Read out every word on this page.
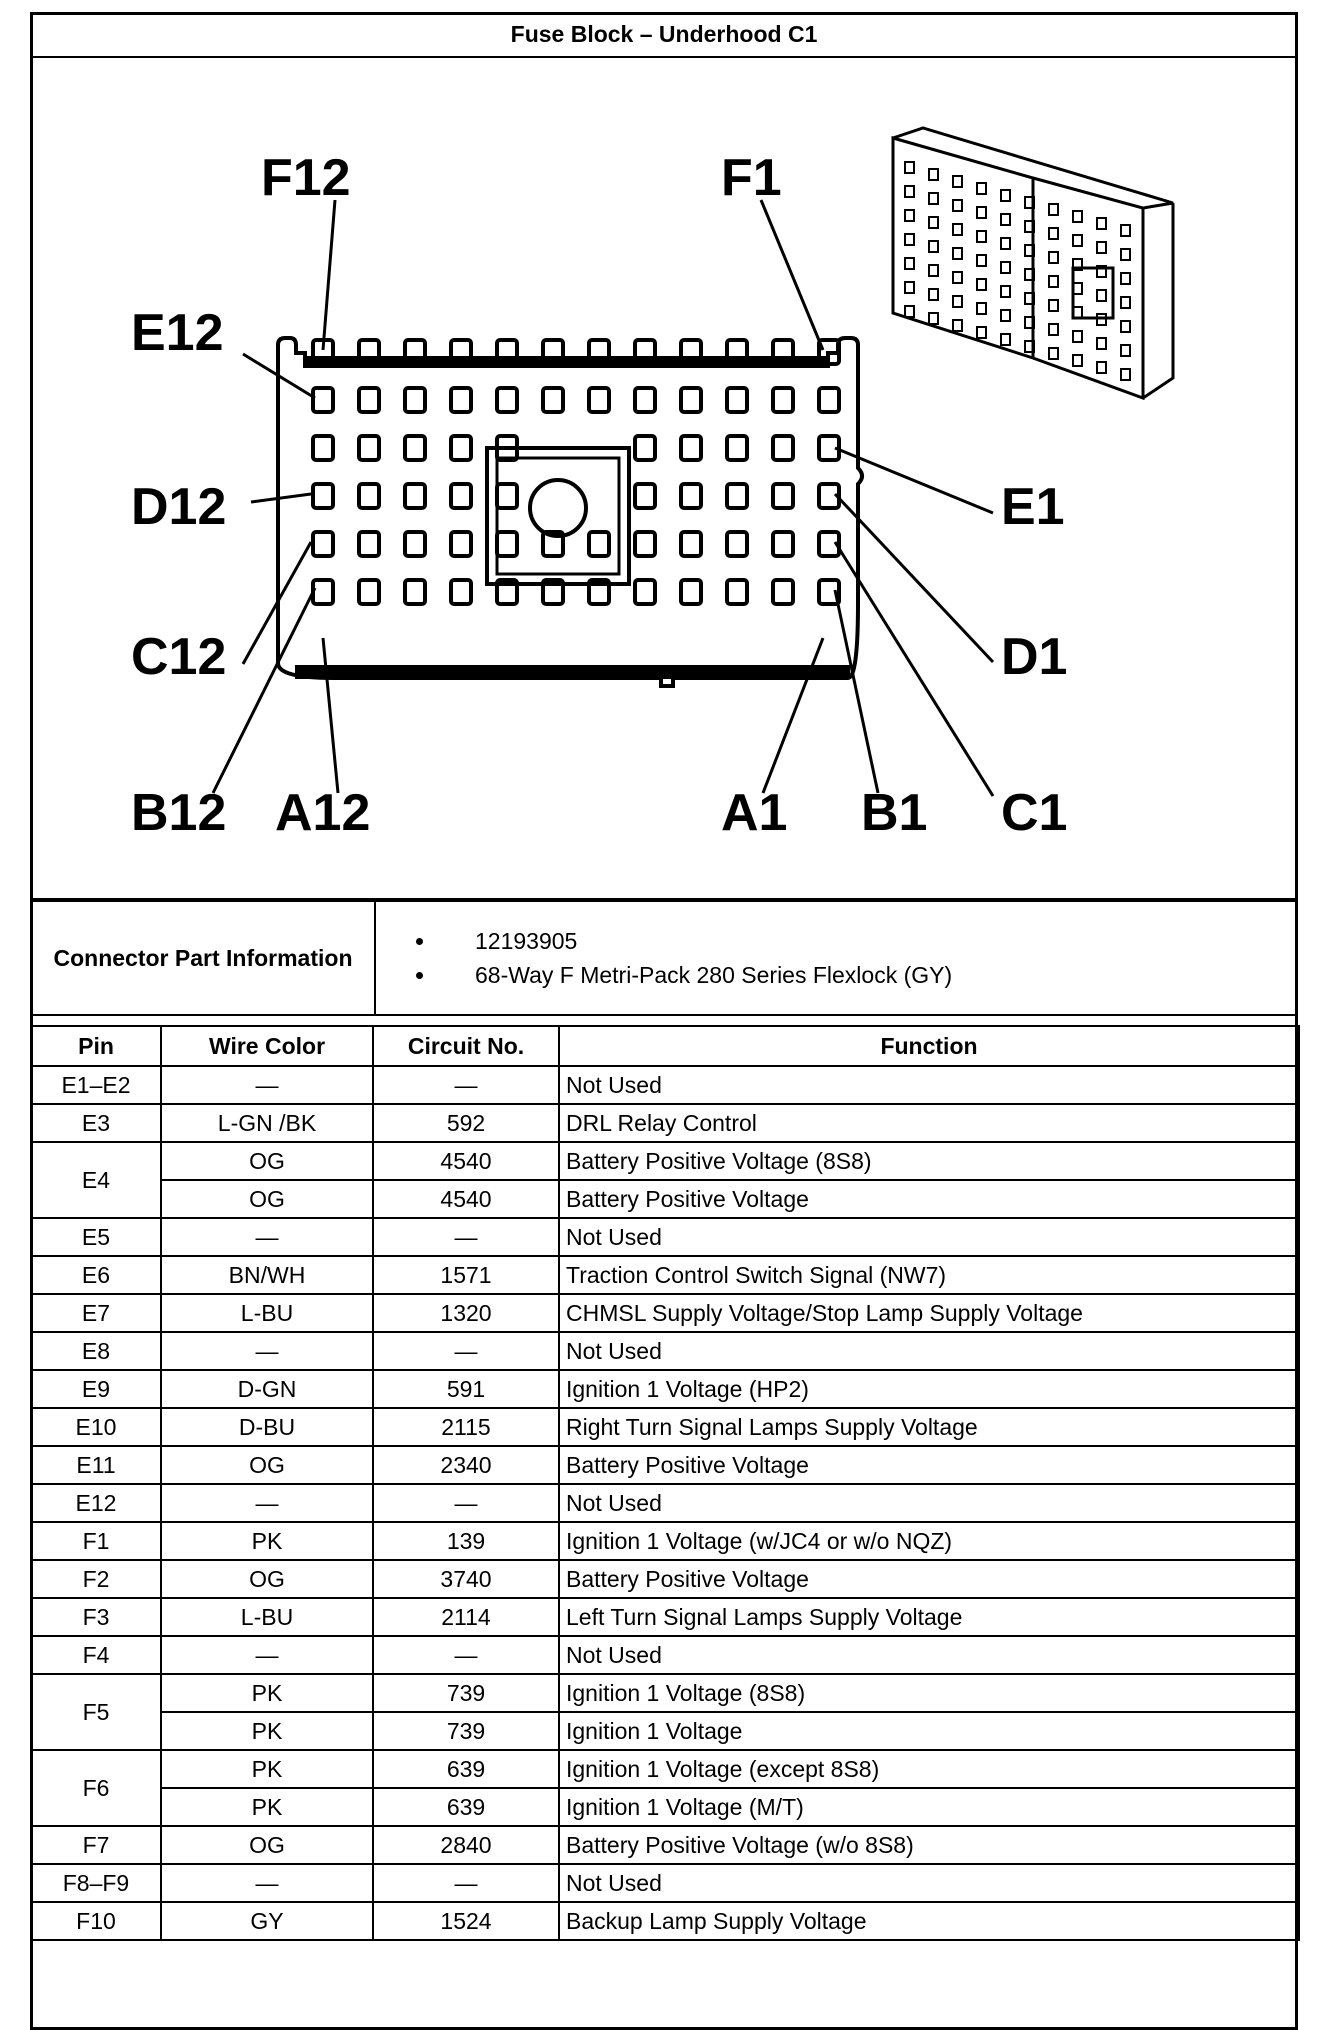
Fuse Block – Underhood C1
F12	F1
E12
E1
D12
D1
C12
C1
B12 A12	A1 B1
Connector Part Information	
• 12193905
• 68-Way F Metri-Pack 280 Series Flexlock (GY)
Pin	Wire Color	Circuit No.	Function
E1–E2	—	—	Not Used
E3	L-GN /BK	592	DRL Relay Control
E4	OG	4540	Battery Positive Voltage (8S8)
	OG	4540	Battery Positive Voltage
E5	—	—	Not Used
E6	BN/WH	1571	Traction Control Switch Signal (NW7)
E7	L-BU	1320	CHMSL Supply Voltage/Stop Lamp Supply Voltage
E8	—	—	Not Used
E9	D-GN	591	Ignition 1 Voltage (HP2)
E10	D-BU	2115	Right Turn Signal Lamps Supply Voltage
E11	OG	2340	Battery Positive Voltage
E12	—	—	Not Used
F1	PK	139	Ignition 1 Voltage (w/JC4 or w/o NQZ)
F2	OG	3740	Battery Positive Voltage
F3	L-BU	2114	Left Turn Signal Lamps Supply Voltage
F4	—	—	Not Used
F5	PK	739	Ignition 1 Voltage (8S8)
	PK	739	Ignition 1 Voltage
F6	PK	639	Ignition 1 Voltage (except 8S8)
	PK	639	Ignition 1 Voltage (M/T)
F7	OG	2840	Battery Positive Voltage (w/o 8S8)
F8–F9	—	—	Not Used
F10	GY	1524	Backup Lamp Supply Voltage
